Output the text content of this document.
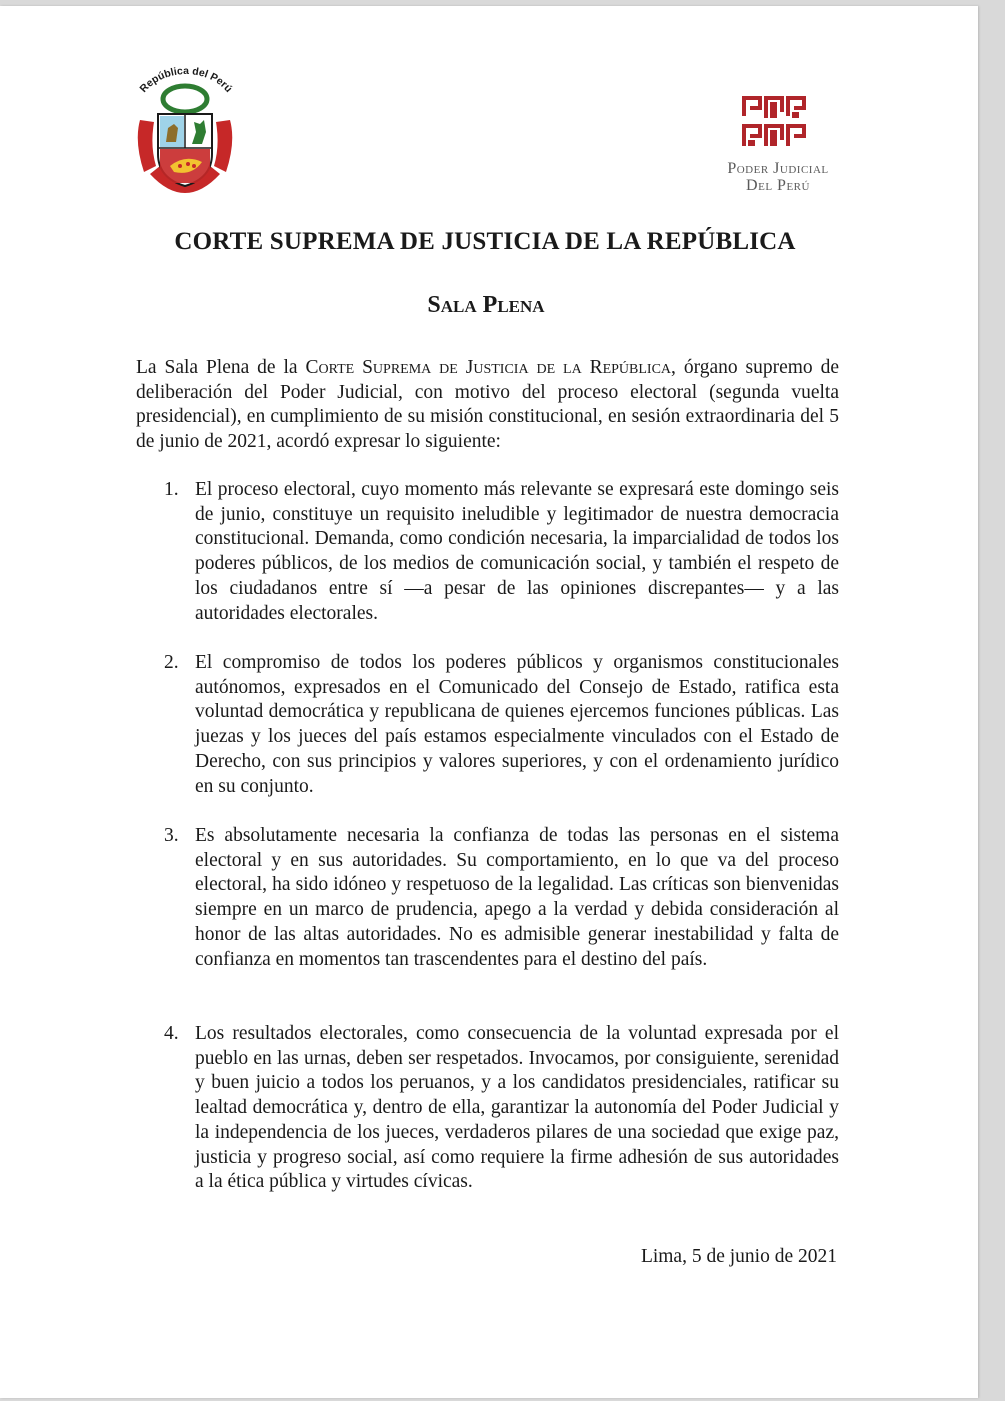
República del Perú
Poder Judicial
Del Perú
CORTE SUPREMA DE JUSTICIA DE LA REPÚBLICA
Sala Plena
La Sala Plena de la Corte Suprema de Justicia de la República, órgano supremo de deliberación del Poder Judicial, con motivo del proceso electoral (segunda vuelta presidencial), en cumplimiento de su misión constitucional, en sesión extraordinaria del 5 de junio de 2021, acordó expresar lo siguiente:
1. El proceso electoral, cuyo momento más relevante se expresará este domingo seis de junio, constituye un requisito ineludible y legitimador de nuestra democracia constitucional. Demanda, como condición necesaria, la imparcialidad de todos los poderes públicos, de los medios de comunicación social, y también el respeto de los ciudadanos entre sí —a pesar de las opiniones discrepantes— y a las autoridades electorales.
2. El compromiso de todos los poderes públicos y organismos constitucionales autónomos, expresados en el Comunicado del Consejo de Estado, ratifica esta voluntad democrática y republicana de quienes ejercemos funciones públicas. Las juezas y los jueces del país estamos especialmente vinculados con el Estado de Derecho, con sus principios y valores superiores, y con el ordenamiento jurídico en su conjunto.
3. Es absolutamente necesaria la confianza de todas las personas en el sistema electoral y en sus autoridades. Su comportamiento, en lo que va del proceso electoral, ha sido idóneo y respetuoso de la legalidad. Las críticas son bienvenidas siempre en un marco de prudencia, apego a la verdad y debida consideración al honor de las altas autoridades. No es admisible generar inestabilidad y falta de confianza en momentos tan trascendentes para el destino del país.
4. Los resultados electorales, como consecuencia de la voluntad expresada por el pueblo en las urnas, deben ser respetados. Invocamos, por consiguiente, serenidad y buen juicio a todos los peruanos, y a los candidatos presidenciales, ratificar su lealtad democrática y, dentro de ella, garantizar la autonomía del Poder Judicial y la independencia de los jueces, verdaderos pilares de una sociedad que exige paz, justicia y progreso social, así como requiere la firme adhesión de sus autoridades a la ética pública y virtudes cívicas.
Lima, 5 de junio de 2021
